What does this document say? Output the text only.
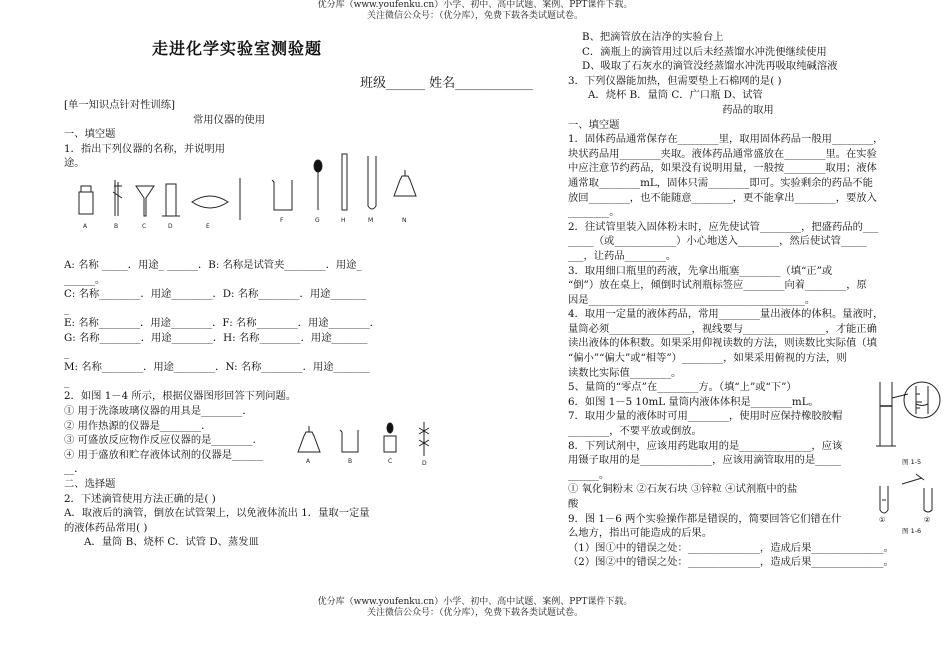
优分库（www.youfenku.cn）小学、初中、高中试题、案例、PPT课件下载。
关注微信公众号：（优分库），免费下载各类试题试卷。
走进化学实验室测验题
班级______ 姓名____________

[单一知识点针对性训练]

常用仪器的使用

一、填空题

1．指出下列仪器的名称，并说明用

途。

A	B	C	D	E
F	G	H	M	N

A: 名称 _____．用途_ ______．B: 名称是试管夹________．用途_

______。

C: 名称________．用途________．D: 名称________．用途_______

_

E: 名称________．用途________．F: 名称________．用途________．

G: 名称________．用途________．H: 名称________．用途_______

_

M: 名称________．用途________．N: 名称________．用途_______

_

2．如图 1－4 所示，根据仪器图形回答下列问题。

① 用于洗涤玻璃仪器的用具是________．

② 用作热源的仪器是________．

③ 可盛放反应物作反应仪器的是________．

④ 用于盛放和贮存液体试剂的仪器是______

__．

二、选择题

2．下述滴管使用方法正确的是( )

A．取液后的滴管，倒放在试管架上，以免液体流出 1．量取一定量

的液体药品常用( )

A．量筒 B、烧杯 C．试管 D、蒸发皿

A	B	C	D

B、把滴管放在洁净的实验台上

C．滴瓶上的滴管用过以后未经蒸馏水冲洗便继续使用

D、吸取了石灰水的滴管没经蒸馏水冲洗再吸取纯碱溶液

3．下列仪器能加热，但需要垫上石棉网的是( )

A．烧杯 B．量筒 C．广口瓶 D、试管

药品的取用

一、填空题

1．固体药品通常保存在________里，取用固体药品一般用________，

块状药品用________夹取。液体药品通常盛放在________里。在实验

中应注意节约药品，如果没有说明用量，一般按________取用；液体

通常取________mL，固体只需________即可。实验剩余的药品不能

放回________，也不能随意________，更不能拿出________，要放入

________。

2．往试管里装入固体粉末时，应先使试管________，把盛药品的___

_____（或____________）小心地送入________，然后使试管_____

___，让药品________。

3．取用细口瓶里的药液，先拿出瓶塞________（填“正”或

“倒”）放在桌上，倾倒时试剂瓶标签应________向着________，原

因是__________________________________________。

4．取用一定量的液体药品，常用________量出液体的体积。量液时，

量筒必须________________，视线要与________________，才能正确

读出液体的体积数。如果采用仰视读数的方法，则读数比实际值（填

“偏小”“偏大”或“相等”）________，如果采用俯视的方法，则

读数比实际值________。

5、量筒的“零点”在________方。（填“上”或“下”）

6．如图 1－5 10mL 量筒内液体体积是________mL。

7．取用少量的液体时可用________，使用时应保持橡胶胶帽

________，不要平放或倒放。

8．下列试剂中，应该用药匙取用的是______________，应该

用镊子取用的是______________，应该用滴管取用的是_____

______。

① 氧化铜粉末 ②石灰石块 ③锌粒 ④试剂瓶中的盐

酸

9．图 1－6 两个实验操作都是错误的，简要回答它们错在什

么地方，指出可能造成的后果。

（1）图①中的错误之处：______________，造成后果______________。

（2）图②中的错误之处：______________，造成后果______________。

图 1-5
①	②
图 1-6
优分库（www.youfenku.cn）小学、初中、高中试题、案例、PPT课件下载。
关注微信公众号：（优分库），免费下载各类试题试卷。
